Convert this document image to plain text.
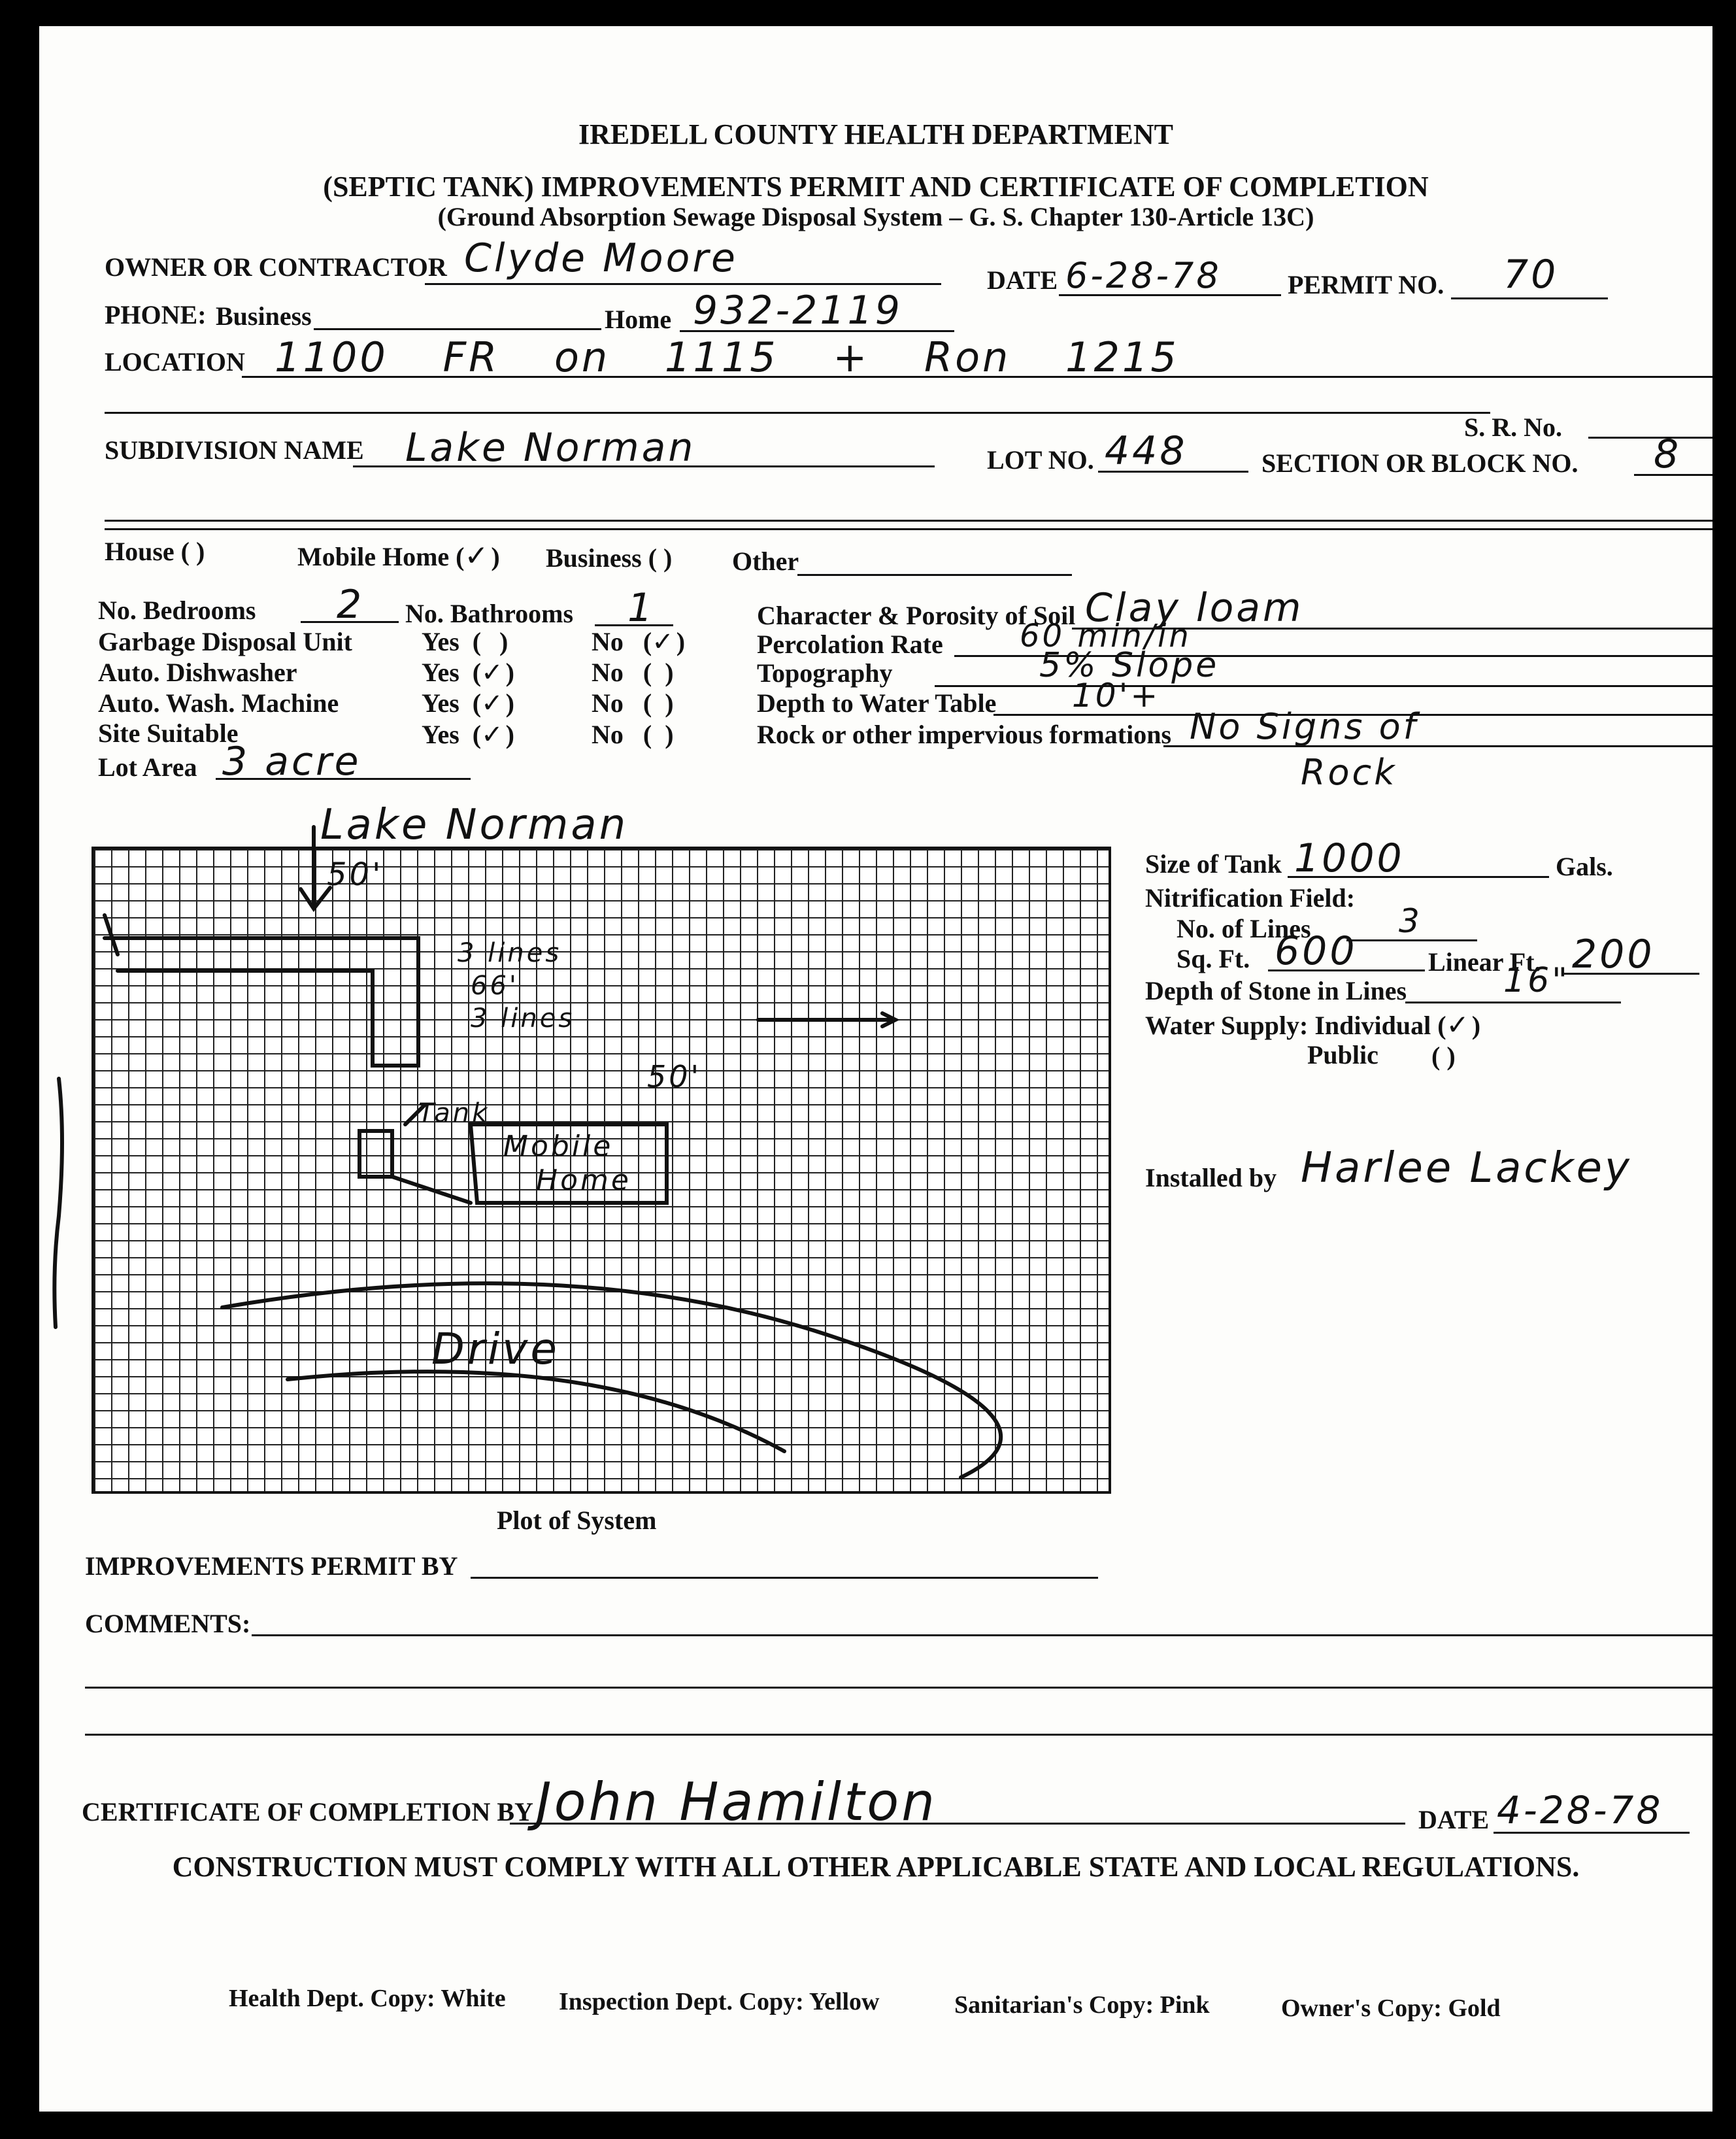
IREDELL COUNTY HEALTH DEPARTMENT
(SEPTIC TANK) IMPROVEMENTS PERMIT AND CERTIFICATE OF COMPLETION
(Ground Absorption Sewage Disposal System – G. S. Chapter 130-Article 13C)
OWNER OR CONTRACTOR Clyde Moore	DATE 6-28-78	PERMIT NO. 70
PHONE: Business	Home 932-2119
LOCATION 1100 FR on 1115 + Ron 1215
S. R. No.
SUBDIVISION NAME Lake Norman	LOT NO. 448	SECTION OR BLOCK NO. 8
House ( )	Mobile Home (✓) Business ( ) Other
No. Bedrooms 2 No. Bathrooms 1
Garbage Disposal Unit	Yes  (  )	No   (✓)
Auto. Dishwasher	Yes  (✓)	No   (  )
Auto. Wash. Machine	Yes  (✓)	No   (  )
Site Suitable	Yes  (✓)	No   (  )
Lot Area 3 acre
Character & Porosity of Soil Clay loam
Percolation Rate 60 min/in
Topography	5% Slope
Depth to Water Table 10'+
Rock or other impervious formations No Signs of
Rock
Lake Norman
50'
3 lines
66'
3 lines
50'
Tank
Mobile
Home
Drive
Plot of System
Size of Tank 1000	Gals.
Nitrification Field:
No. of Lines	3
Sq. Ft. 600	Linear Ft. 200
Depth of Stone in Lines	16"
Water Supply: Individual (✓)
Public ( )
Installed by Harlee Lackey
IMPROVEMENTS PERMIT BY
COMMENTS:
CERTIFICATE OF COMPLETION BY John Hamilton	DATE 4-28-78
CONSTRUCTION MUST COMPLY WITH ALL OTHER APPLICABLE STATE AND LOCAL REGULATIONS.
Health Dept. Copy: White Inspection Dept. Copy: Yellow	Sanitarian's Copy: Pink	Owner's Copy: Gold
